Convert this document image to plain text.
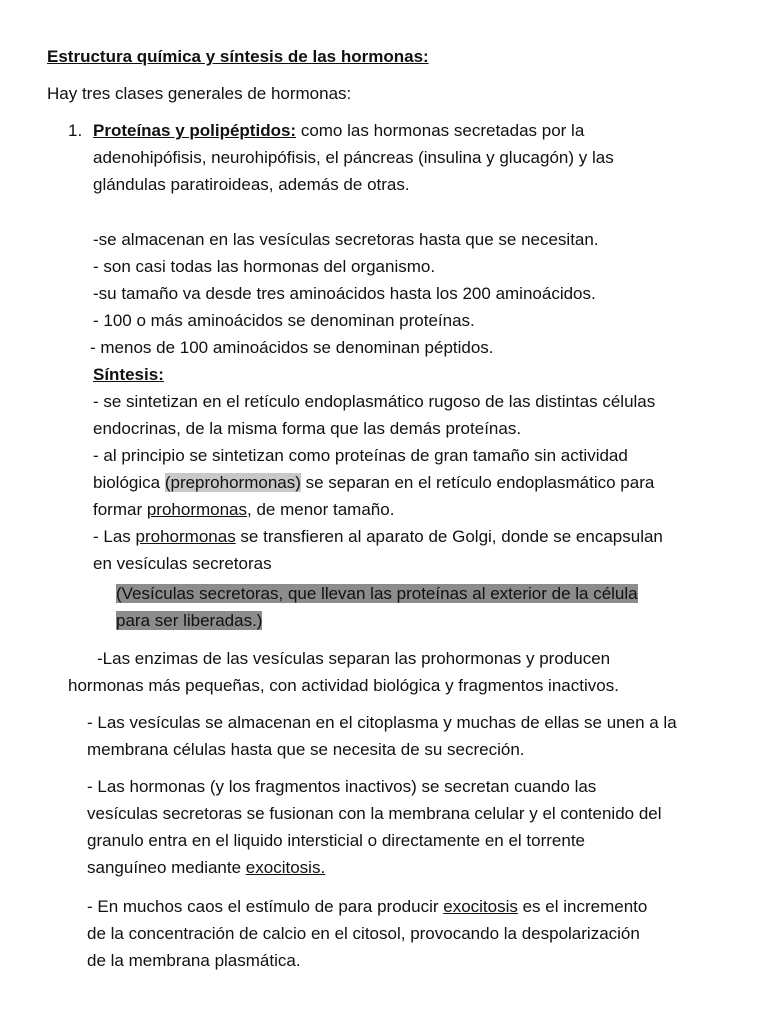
Estructura química y síntesis de las hormonas:
Hay tres clases generales de hormonas:
1. Proteínas y polipéptidos: como las hormonas secretadas por la
adenohipófisis, neurohipófisis, el páncreas (insulina y glucagón) y las
glándulas paratiroideas, además de otras.
-se almacenan en las vesículas secretoras hasta que se necesitan.
- son casi todas las hormonas del organismo.
-su tamaño va desde tres aminoácidos hasta los 200 aminoácidos.
- 100 o más aminoácidos se denominan proteínas.
- menos de 100 aminoácidos se denominan péptidos.
Síntesis:
- se sintetizan en el retículo endoplasmático rugoso de las distintas células
endocrinas, de la misma forma que las demás proteínas.
- al principio se sintetizan como proteínas de gran tamaño sin actividad
biológica (preprohormonas) se separan en el retículo endoplasmático para
formar prohormonas, de menor tamaño.
- Las prohormonas se transfieren al aparato de Golgi, donde se encapsulan
en vesículas secretoras
(Vesículas secretoras, que llevan las proteínas al exterior de la célula
para ser liberadas.)
-Las enzimas de las vesículas separan las prohormonas y producen
hormonas más pequeñas, con actividad biológica y fragmentos inactivos.
- Las vesículas se almacenan en el citoplasma y muchas de ellas se unen a la
membrana células hasta que se necesita de su secreción.
- Las hormonas (y los fragmentos inactivos) se secretan cuando las
vesículas secretoras se fusionan con la membrana celular y el contenido del
granulo entra en el liquido intersticial o directamente en el torrente
sanguíneo mediante exocitosis.
- En muchos caos el estímulo de para producir exocitosis es el incremento
de la concentración de calcio en el citosol, provocando la despolarización
de la membrana plasmática.
